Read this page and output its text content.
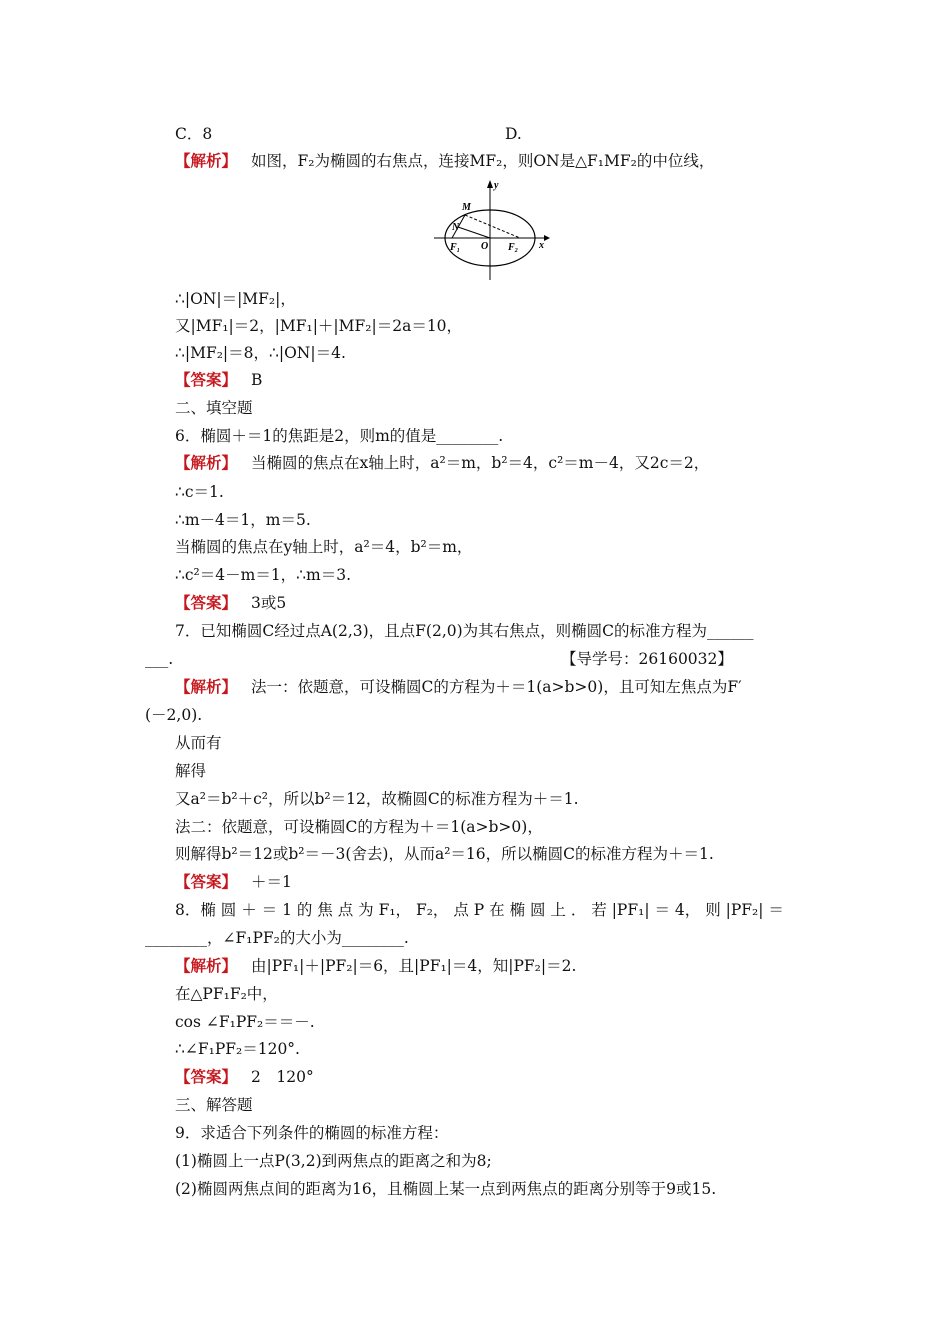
C．8	D.
【解析】 如图，F₂为椭圆的右焦点，连接MF₂，则ON是△F₁MF₂的中位线，
M
N
F₁ O F₂ x
y
∴|ON|＝|MF₂|，
又|MF₁|＝2，|MF₁|＋|MF₂|＝2a＝10，
∴|MF₂|＝8，∴|ON|＝4.
【答案】 B
二、填空题
6．椭圆＋＝1的焦距是2，则m的值是________.
【解析】 当椭圆的焦点在x轴上时，a²＝m，b²＝4，c²＝m－4，又2c＝2，
∴c＝1.
∴m－4＝1，m＝5.
当椭圆的焦点在y轴上时，a²＝4，b²＝m，
∴c²＝4－m＝1，∴m＝3.
【答案】 3或5
7．已知椭圆C经过点A(2,3)，且点F(2,0)为其右焦点，则椭圆C的标准方程为______
___.	【导学号：26160032】
【解析】 法一：依题意，可设椭圆C的方程为＋＝1(a>b>0)，且可知左焦点为F′
(－2,0).
从而有
解得
又a²＝b²＋c²，所以b²＝12，故椭圆C的标准方程为＋＝1.
法二：依题意，可设椭圆C的方程为＋＝1(a>b>0)，
则解得b²＝12或b²＝－3(舍去)，从而a²＝16，所以椭圆C的标准方程为＋＝1.
【答案】 ＋＝1
8．椭 圆 ＋ ＝ 1 的 焦 点 为 F₁， F₂， 点 P 在 椭 圆 上 ． 若 |PF₁| ＝ 4， 则 |PF₂| ＝
________，∠F₁PF₂的大小为________.
【解析】 由|PF₁|＋|PF₂|＝6，且|PF₁|＝4，知|PF₂|＝2.
在△PF₁F₂中，
cos ∠F₁PF₂＝＝－.
∴∠F₁PF₂＝120°.
【答案】 2　120°
三、解答题
9．求适合下列条件的椭圆的标准方程：
(1)椭圆上一点P(3,2)到两焦点的距离之和为8;
(2)椭圆两焦点间的距离为16，且椭圆上某一点到两焦点的距离分别等于9或15.
